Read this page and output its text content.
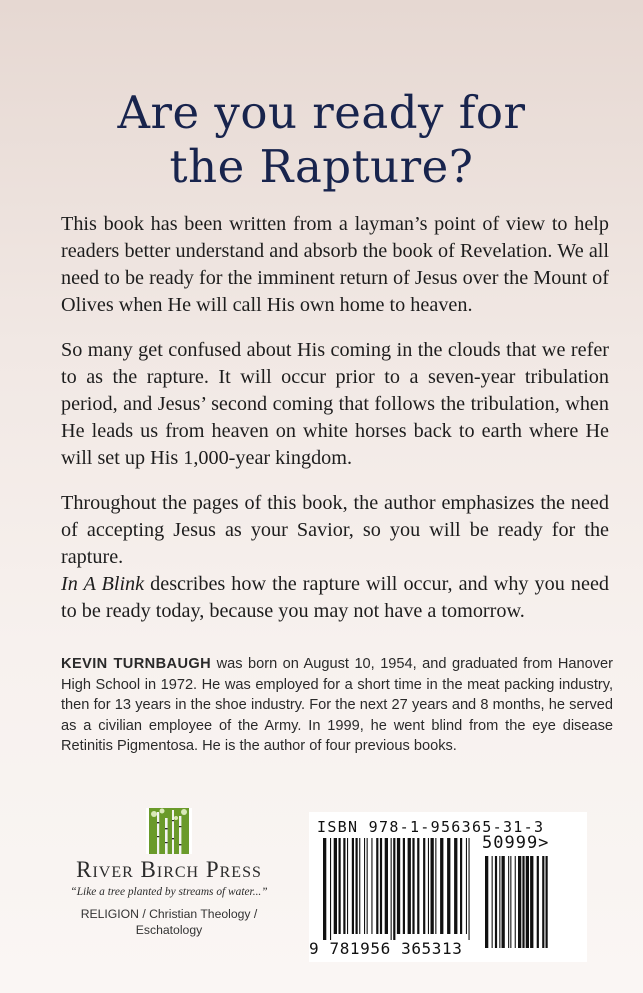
Are you ready for
the Rapture?

This book has been written from a layman’s point of view to help readers better understand and absorb the book of Revelation. We all need to be ready for the imminent return of Jesus over the Mount of Olives when He will call His own home to heaven.

So many get confused about His coming in the clouds that we refer to as the rapture. It will occur prior to a seven-year tribulation period, and Jesus’ second coming that follows the tribulation, when He leads us from heaven on white horses back to earth where He will set up His 1,000-year kingdom.

Throughout the pages of this book, the author emphasizes the need of accepting Jesus as your Savior, so you will be ready for the rapture.
In A Blink describes how the rapture will occur, and why you need to be ready today, because you may not have a tomorrow.

KEVIN TURNBAUGH was born on August 10, 1954, and graduated from Hanover High School in 1972. He was employed for a short time in the meat packing industry, then for 13 years in the shoe industry. For the next 27 years and 8 months, he served as a civilian employee of the Army. In 1999, he went blind from the eye disease Retinitis Pigmentosa. He is the author of four previous books.
River Birch Press
“Like a tree planted by streams of water...”
RELIGION / Christian Theology /
Eschatology
ISBN 978-1-956365-31-3
50999>
9 781956 365313
